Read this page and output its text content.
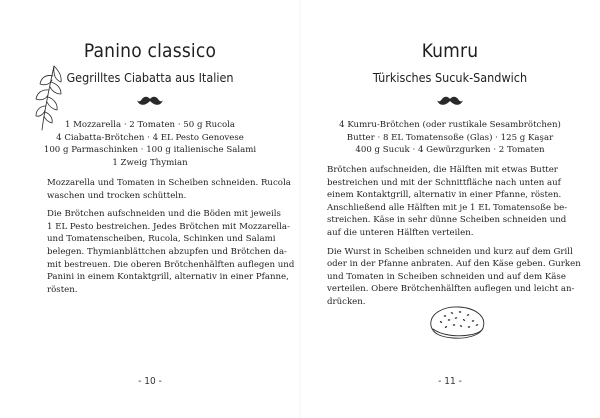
Panino classico
Gegrilltes Ciabatta aus Italien
1 Mozzarella · 2 Tomaten · 50 g Rucola
4 Ciabatta-Brötchen · 4 EL Pesto Genovese
100 g Parmaschinken · 100 g italienische Salami
1 Zweig Thymian

Mozzarella und Tomaten in Scheiben schneiden. Rucola
waschen und trocken schütteln.

Die Brötchen aufschneiden und die Böden mit jeweils
1 EL Pesto bestreichen. Jedes Brötchen mit Mozzarella-
und Tomatenscheiben, Rucola, Schinken und Salami
belegen. Thymianblättchen abzupfen und Brötchen da-
mit bestreuen. Die oberen Brötchenhälften auflegen und
Panini in einem Kontaktgrill, alternativ in einer Pfanne,
rösten.

- 10 -
Kumru
Türkisches Sucuk-Sandwich
4 Kumru-Brötchen (oder rustikale Sesambrötchen)
Butter · 8 EL Tomatensoße (Glas) · 125 g Kaşar
400 g Sucuk · 4 Gewürzgurken · 2 Tomaten

Brötchen aufschneiden, die Hälften mit etwas Butter
bestreichen und mit der Schnittfläche nach unten auf
einem Kontaktgrill, alternativ in einer Pfanne, rösten.
Anschließend alle Hälften mit je 1 EL Tomatensoße be-
streichen. Käse in sehr dünne Scheiben schneiden und
auf die unteren Hälften verteilen.

Die Wurst in Scheiben schneiden und kurz auf dem Grill
oder in der Pfanne anbraten. Auf den Käse geben. Gurken
und Tomaten in Scheiben schneiden und auf dem Käse
verteilen. Obere Brötchenhälften auflegen und leicht an-
drücken.

- 11 -
